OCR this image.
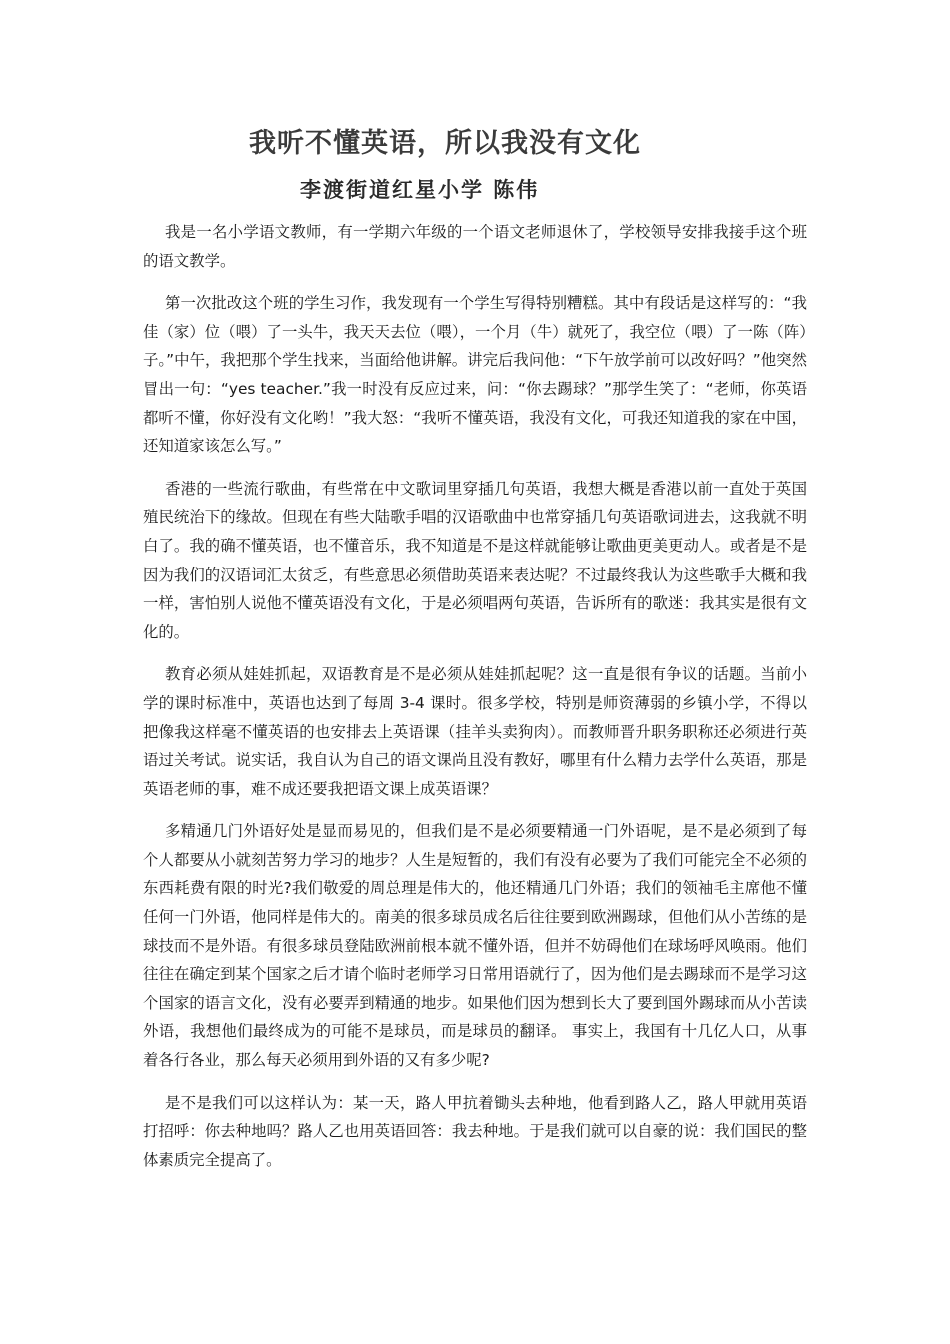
我听不懂英语，所以我没有文化
李渡街道红星小学 陈伟

我是一名小学语文教师，有一学期六年级的一个语文老师退休了，学校领导安排我接手这个班的语文教学。

第一次批改这个班的学生习作，我发现有一个学生写得特别糟糕。其中有段话是这样写的：“我佳（家）位（喂）了一头牛，我天天去位（喂），一个月（牛）就死了，我空位（喂）了一陈（阵）子。”中午，我把那个学生找来，当面给他讲解。讲完后我问他：“下午放学前可以改好吗？”他突然冒出一句：“yes teacher.”我一时没有反应过来，问：“你去踢球？”那学生笑了：“老师，你英语都听不懂，你好没有文化哟！”我大怒：“我听不懂英语，我没有文化，可我还知道我的家在中国，还知道家该怎么写。”

香港的一些流行歌曲，有些常在中文歌词里穿插几句英语，我想大概是香港以前一直处于英国殖民统治下的缘故。但现在有些大陆歌手唱的汉语歌曲中也常穿插几句英语歌词进去，这我就不明白了。我的确不懂英语，也不懂音乐，我不知道是不是这样就能够让歌曲更美更动人。或者是不是因为我们的汉语词汇太贫乏，有些意思必须借助英语来表达呢？不过最终我认为这些歌手大概和我一样，害怕别人说他不懂英语没有文化，于是必须唱两句英语，告诉所有的歌迷：我其实是很有文化的。

教育必须从娃娃抓起，双语教育是不是必须从娃娃抓起呢？这一直是很有争议的话题。当前小学的课时标准中，英语也达到了每周 3-4 课时。很多学校，特别是师资薄弱的乡镇小学，不得以把像我这样毫不懂英语的也安排去上英语课（挂羊头卖狗肉）。而教师晋升职务职称还必须进行英语过关考试。说实话，我自认为自己的语文课尚且没有教好，哪里有什么精力去学什么英语，那是英语老师的事，难不成还要我把语文课上成英语课？

多精通几门外语好处是显而易见的，但我们是不是必须要精通一门外语呢，是不是必须到了每个人都要从小就刻苦努力学习的地步？人生是短暂的，我们有没有必要为了我们可能完全不必须的东西耗费有限的时光?我们敬爱的周总理是伟大的，他还精通几门外语；我们的领袖毛主席他不懂任何一门外语，他同样是伟大的。南美的很多球员成名后往往要到欧洲踢球，但他们从小苦练的是球技而不是外语。有很多球员登陆欧洲前根本就不懂外语，但并不妨碍他们在球场呼风唤雨。他们往往在确定到某个国家之后才请个临时老师学习日常用语就行了，因为他们是去踢球而不是学习这个国家的语言文化，没有必要弄到精通的地步。如果他们因为想到长大了要到国外踢球而从小苦读外语，我想他们最终成为的可能不是球员，而是球员的翻译。 事实上，我国有十几亿人口，从事着各行各业，那么每天必须用到外语的又有多少呢?

是不是我们可以这样认为：某一天，路人甲抗着锄头去种地，他看到路人乙，路人甲就用英语打招呼：你去种地吗？路人乙也用英语回答：我去种地。于是我们就可以自豪的说：我们国民的整体素质完全提高了。
